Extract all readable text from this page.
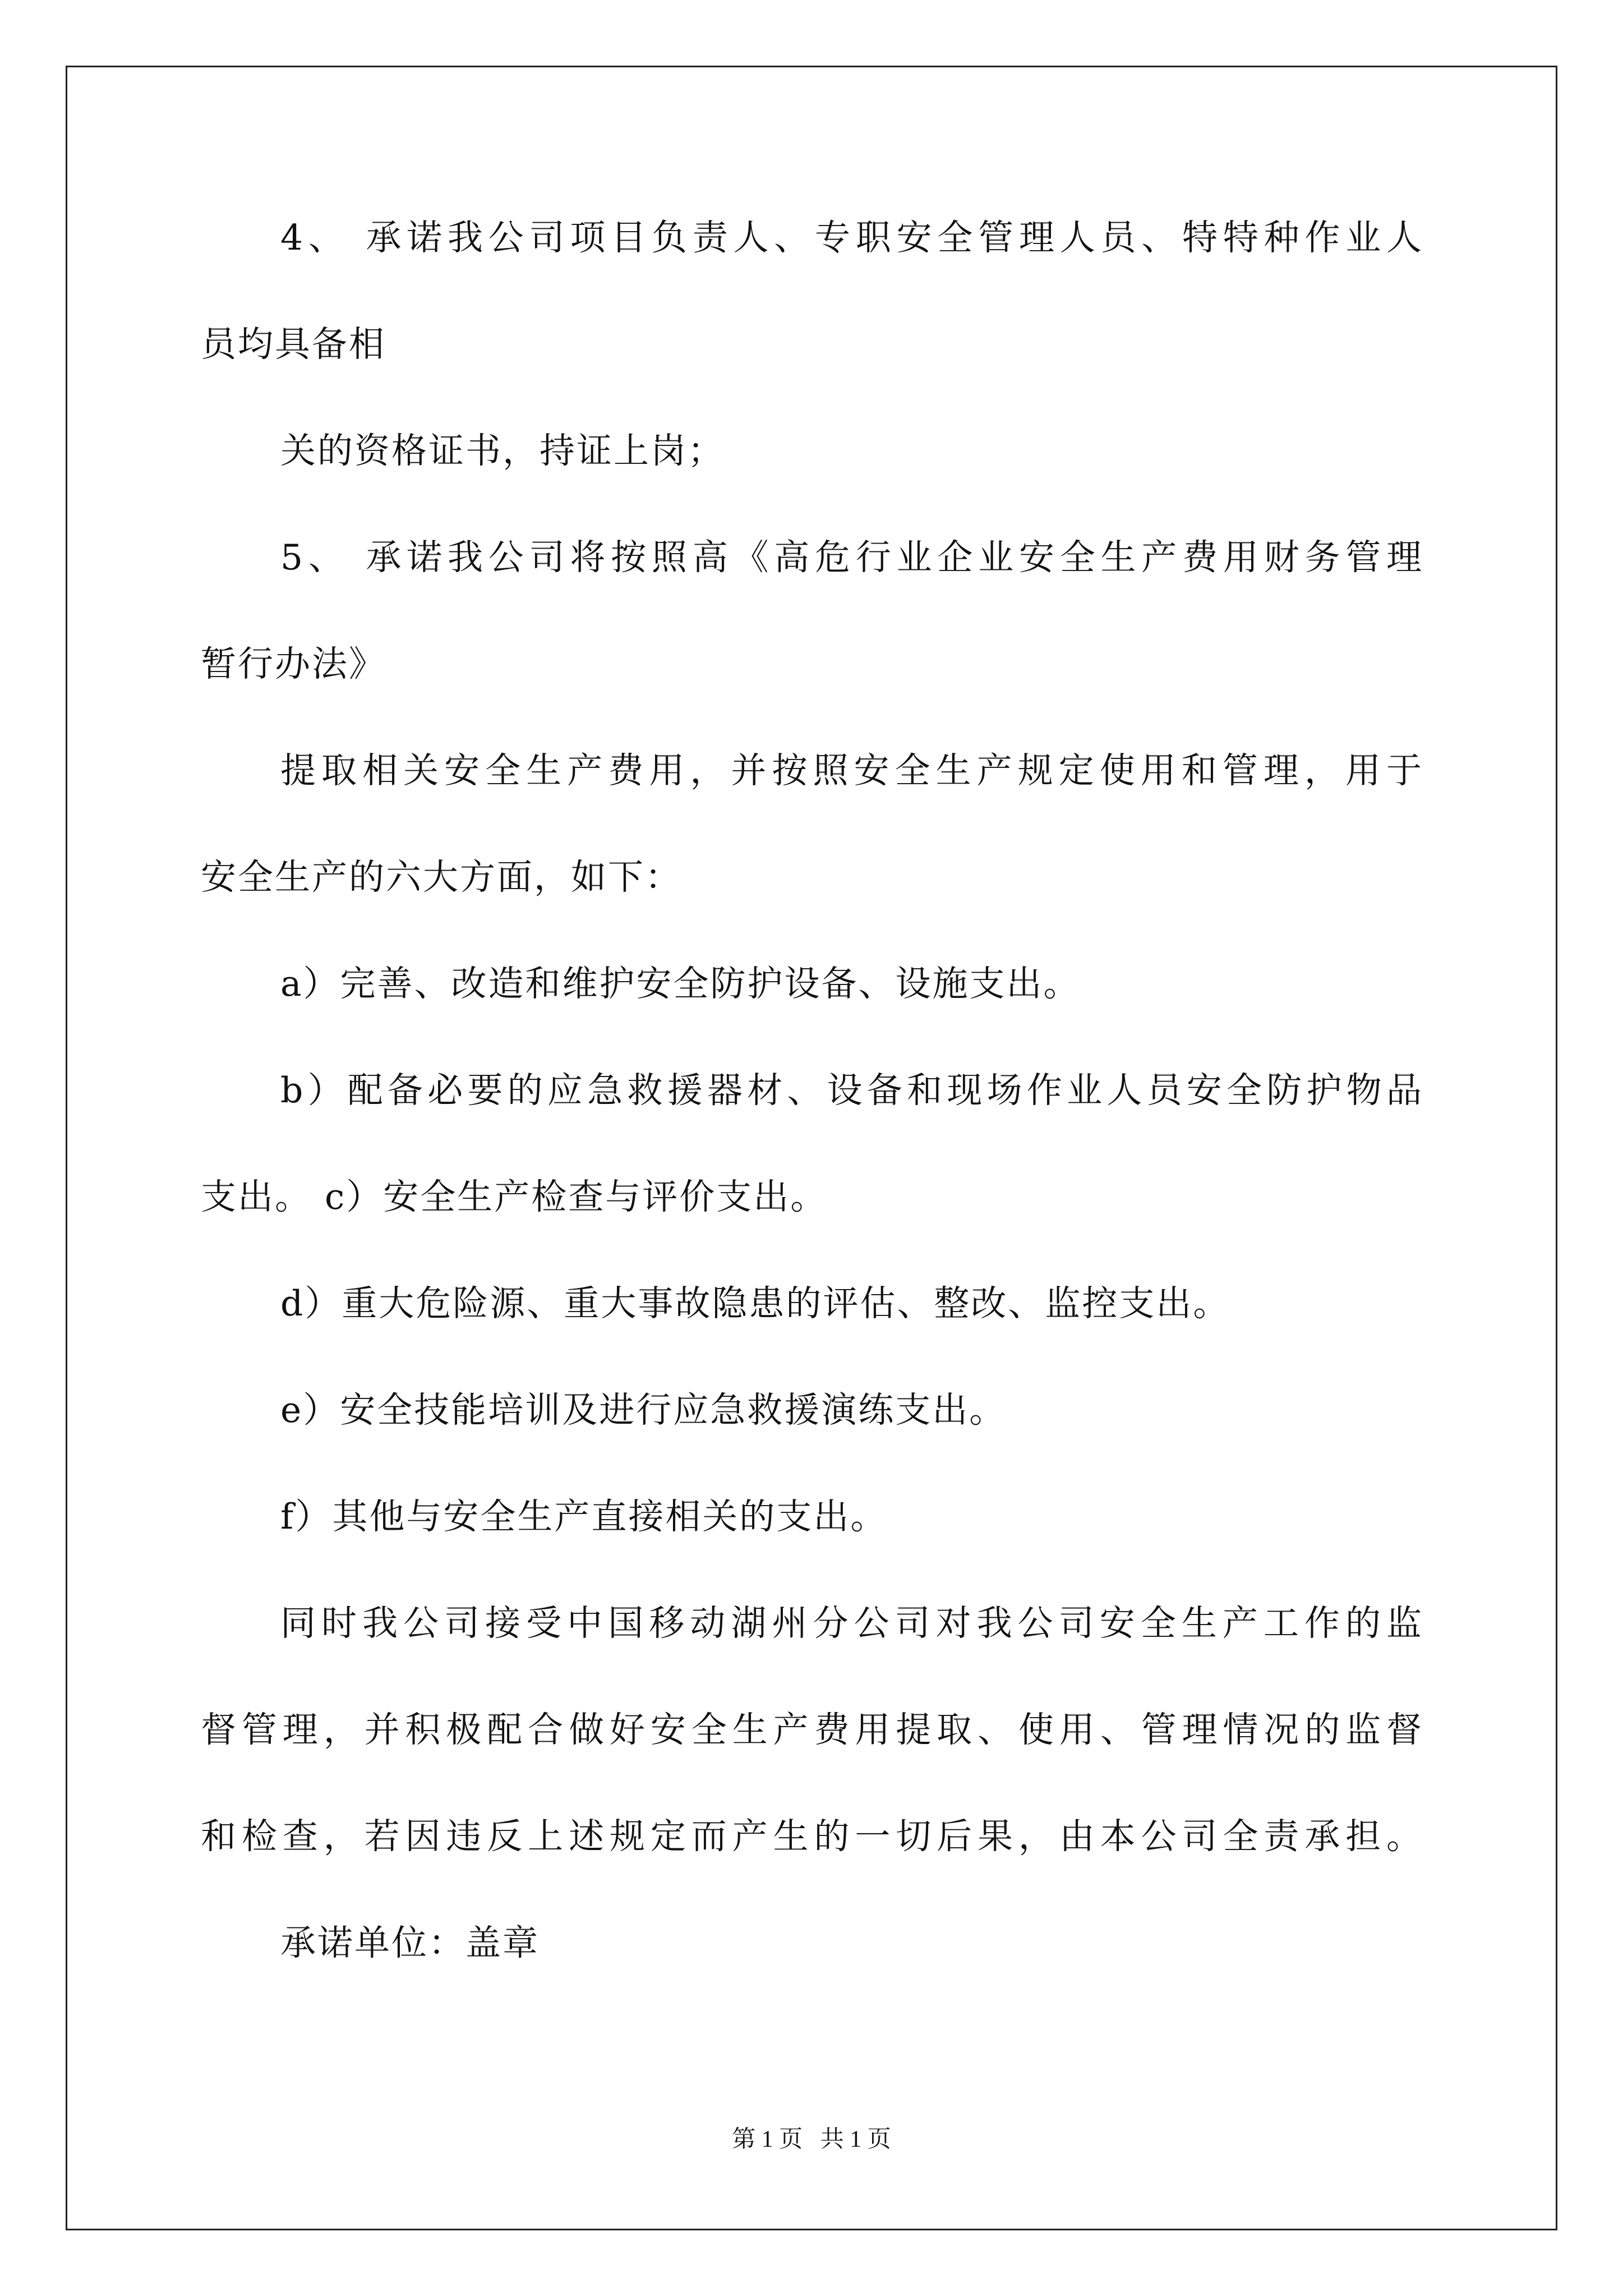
4、 承诺我公司项目负责人、专职安全管理人员、特特种作业人
员均具备相
关的资格证书，持证上岗；
5、 承诺我公司将按照高《高危行业企业安全生产费用财务管理
暂行办法》
提取相关安全生产费用，并按照安全生产规定使用和管理，用于
安全生产的六大方面，如下：
a）完善、改造和维护安全防护设备、设施支出。
b）配备必要的应急救援器材、设备和现场作业人员安全防护物品
支出。 c）安全生产检查与评价支出。
d）重大危险源、重大事故隐患的评估、整改、监控支出。
e）安全技能培训及进行应急救援演练支出。
f）其他与安全生产直接相关的支出。
同时我公司接受中国移动湖州分公司对我公司安全生产工作的监
督管理，并积极配合做好安全生产费用提取、使用、管理情况的监督
和检查，若因违反上述规定而产生的一切后果，由本公司全责承担。
承诺单位：盖章
第 1 页   共 1 页
